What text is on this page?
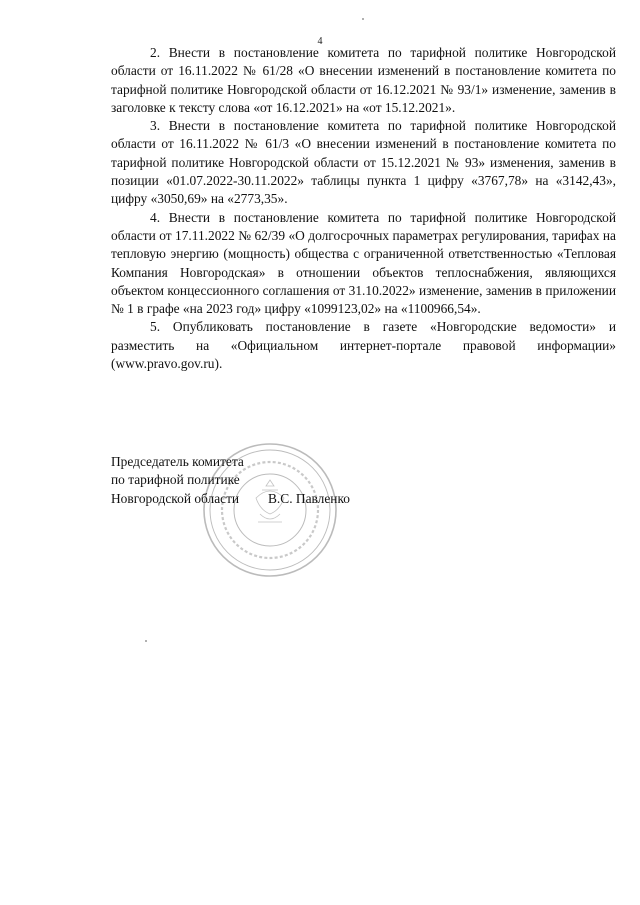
4

2. Внести в постановление комитета по тарифной политике Новгородской области от 16.11.2022 № 61/28 «О внесении изменений в постановление комитета по тарифной политике Новгородской области от 16.12.2021 № 93/1» изменение, заменив в заголовке к тексту слова «от 16.12.2021» на «от 15.12.2021».

3. Внести в постановление комитета по тарифной политике Новгородской области от 16.11.2022 № 61/3 «О внесении изменений в постановление комитета по тарифной политике Новгородской области от 15.12.2021 № 93» изменения, заменив в позиции «01.07.2022-30.11.2022» таблицы пункта 1 цифру «3767,78» на «3142,43», цифру «3050,69» на «2773,35».

4. Внести в постановление комитета по тарифной политике Новгородской области от 17.11.2022 № 62/39 «О долгосрочных параметрах регулирования, тарифах на тепловую энергию (мощность) общества с ограниченной ответственностью «Тепловая Компания Новгородская» в отношении объектов теплоснабжения, являющихся объектом концессионного соглашения от 31.10.2022» изменение, заменив в приложении № 1 в графе «на 2023 год» цифру «1099123,02» на «1100966,54».

5. Опубликовать постановление в газете «Новгородские ведомости» и разместить на «Официальном интернет-портале правовой информации» (www.pravo.gov.ru).

Председатель комитета
по тарифной политике
Новгородской области	В.С. Павленко
